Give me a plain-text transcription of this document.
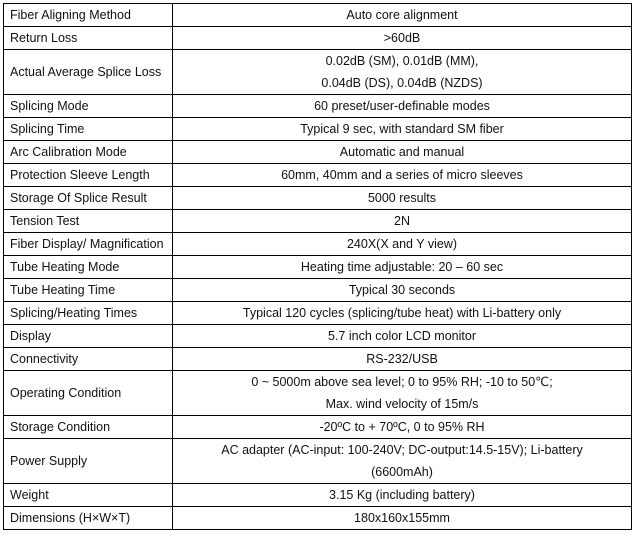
Fiber Aligning Method	Auto core alignment

Return Loss	>60dB

Actual Average Splice Loss	0.02dB (SM), 0.01dB (MM),
0.04dB (DS), 0.04dB (NZDS)

Splicing Mode	60 preset/user-definable modes

Splicing Time	Typical 9 sec, with standard SM fiber

Arc Calibration Mode	Automatic and manual

Protection Sleeve Length	60mm, 40mm and a series of micro sleeves

Storage Of Splice Result	5000 results

Tension Test	2N

Fiber Display/ Magnification	240X(X and Y view)

Tube Heating Mode	Heating time adjustable: 20 – 60 sec

Tube Heating Time	Typical 30 seconds

Splicing/Heating Times	Typical 120 cycles (splicing/tube heat) with Li-battery only

Display	5.7 inch color LCD monitor

Connectivity	RS-232/USB

Operating Condition	0 ~ 5000m above sea level; 0 to 95% RH; -10 to 50℃;
Max. wind velocity of 15m/s

Storage Condition	-20ºC to + 70ºC, 0 to 95% RH

Power Supply	AC adapter (AC-input: 100-240V; DC-output:14.5-15V); Li-battery
(6600mAh)

Weight	3.15 Kg (including battery)

Dimensions (H×W×T)	180x160x155mm
